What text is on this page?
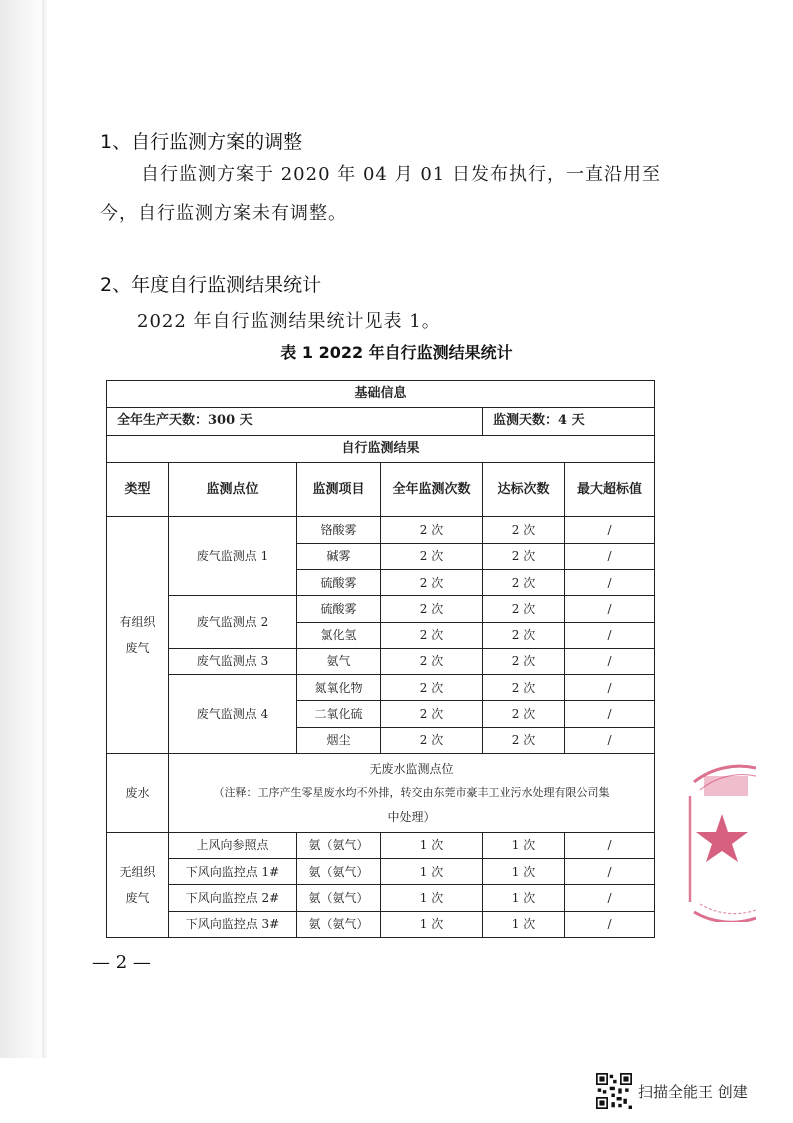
1、自行监测方案的调整
自行监测方案于 2020 年 04 月 01 日发布执行，一直沿用至
今，自行监测方案未有调整。
2、年度自行监测结果统计
2022 年自行监测结果统计见表 1。
表 1 2022 年自行监测结果统计
基础信息					
全年生产天数：300 天				监测天数：4 天	
自行监测结果					
类型	监测点位	监测项目	全年监测次数	达标次数	最大超标值
有组织废气	废气监测点 1	铬酸雾	2 次	2 次	/
		碱雾	2 次	2 次	/
		硫酸雾	2 次	2 次	/
	废气监测点 2	硫酸雾	2 次	2 次	/
		氯化氢	2 次	2 次	/
	废气监测点 3	氨气	2 次	2 次	/
	废气监测点 4	氮氧化物	2 次	2 次	/
		二氧化硫	2 次	2 次	/
		烟尘	2 次	2 次	/
废水	无废水监测点位
（注释：工序产生零星废水均不外排，转交由东莞市豪丰工业污水处理有限公司集
中处理）				

无组织废气	上风向参照点	氨（氨气）	1 次	1 次	/
	下风向监控点 1#	氨（氨气）	1 次	1 次	/
	下风向监控点 2#	氨（氨气）	1 次	1 次	/
	下风向监控点 3#	氨（氨气）	1 次	1 次	/
— 2 —
扫描全能王 创建
